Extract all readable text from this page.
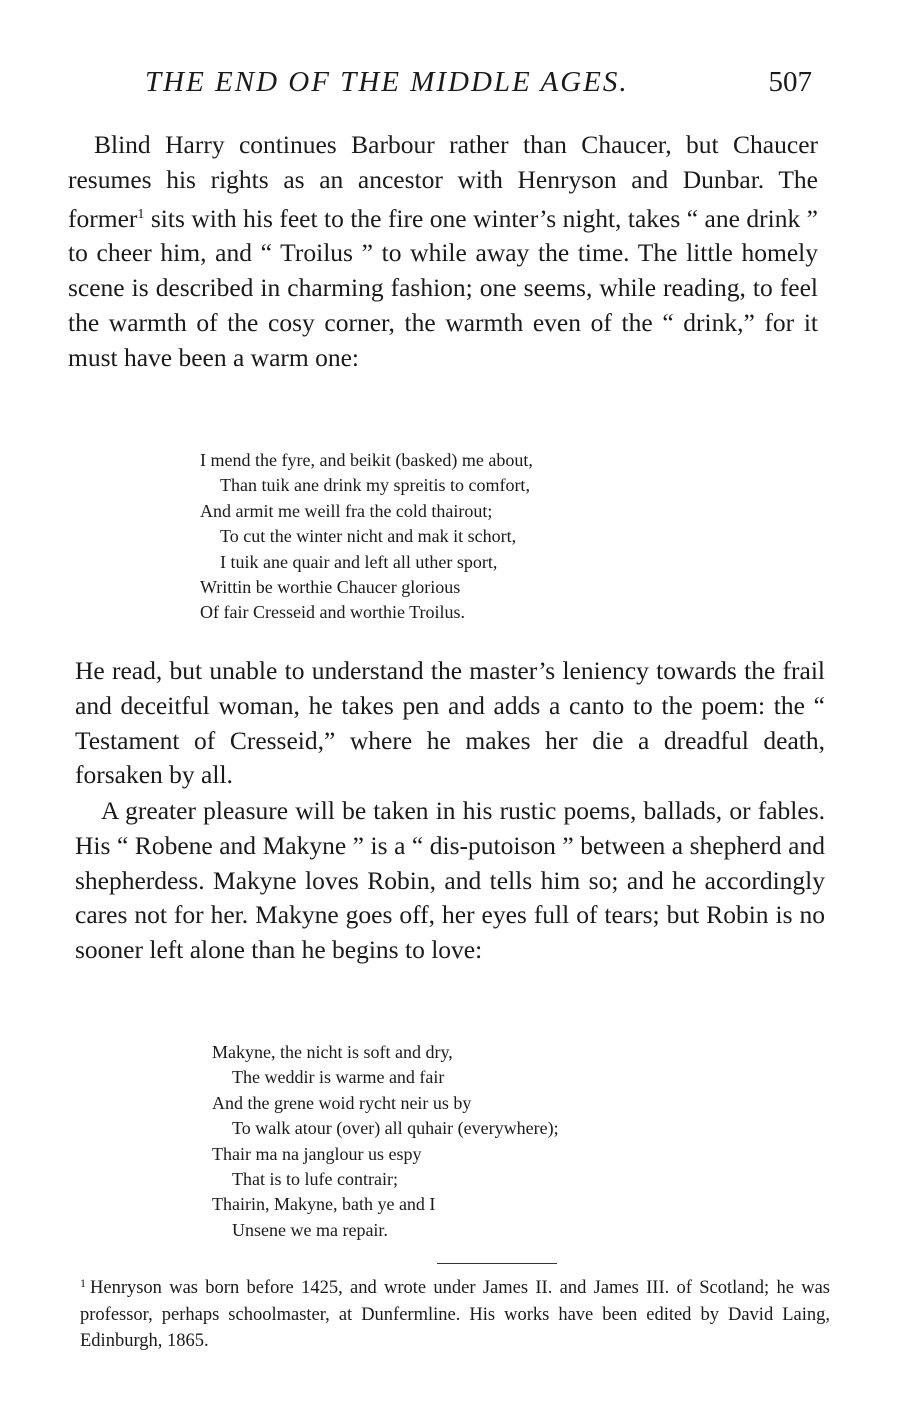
THE END OF THE MIDDLE AGES.	507

Blind Harry continues Barbour rather than Chaucer, but Chaucer resumes his rights as an ancestor with Henryson and Dunbar. The former$^1$ sits with his feet to the fire one winter’s night, takes “ ane drink ” to cheer him, and “ Troilus ” to while away the time. The little homely scene is described in charming fashion; one seems, while reading, to feel the warmth of the cosy corner, the warmth even of the “ drink,” for it must have been a warm one:

I mend the fyre, and beikit (basked) me about,
Than tuik ane drink my spreitis to comfort,
And armit me weill fra the cold thairout;
To cut the winter nicht and mak it schort,
I tuik ane quair and left all uther sport,
Writtin be worthie Chaucer glorious
Of fair Cresseid and worthie Troilus.

He read, but unable to understand the master’s leniency towards the frail and deceitful woman, he takes pen and adds a canto to the poem: the “ Testament of Cresseid,” where he makes her die a dreadful death, forsaken by all.

A greater pleasure will be taken in his rustic poems, ballads, or fables. His “ Robene and Makyne ” is a “ dis-putoison ” between a shepherd and shepherdess. Makyne loves Robin, and tells him so; and he accordingly cares not for her. Makyne goes off, her eyes full of tears; but Robin is no sooner left alone than he begins to love:

Makyne, the nicht is soft and dry,
The weddir is warme and fair
And the grene woid rycht neir us by
To walk atour (over) all quhair (everywhere);
Thair ma na janglour us espy
That is to lufe contrair;
Thairin, Makyne, bath ye and I
Unsene we ma repair.
$^1$ Henryson was born before 1425, and wrote under James II. and James III. of Scotland; he was professor, perhaps schoolmaster, at Dunfermline. His works have been edited by David Laing, Edinburgh, 1865.
